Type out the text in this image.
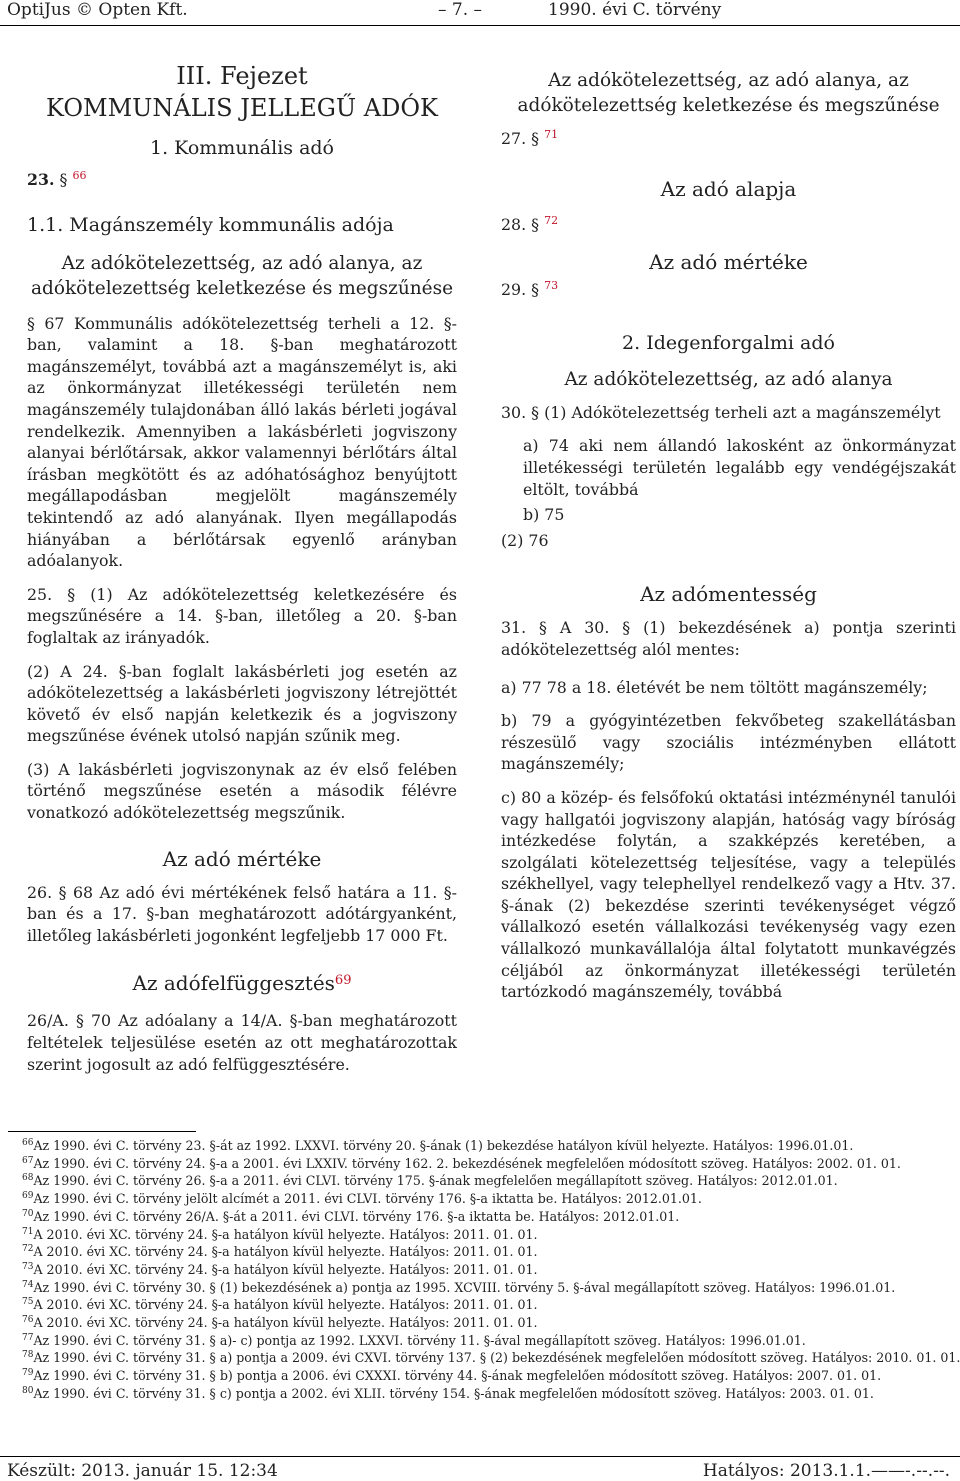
OptiJus © Opten Kft.	– 7. –	1990. évi C. törvény

III. Fejezet

KOMMUNÁLIS JELLEGŰ ADÓK

1. Kommunális adó

23. § $^{66}$

1.1. Magánszemély kommunális adója

Az adókötelezettség, az adó alanya, az adókötelezettség keletkezése és megszűnése

§ 67 Kommunális adókötelezettség terheli a 12. §-ban, valamint a 18. §-ban meghatározott magánszemélyt, továbbá azt a magánszemélyt is, aki az önkormányzat illetékességi területén nem magánszemély tulajdonában álló lakás bérleti jogával rendelkezik. Amennyiben a lakásbérleti jogviszony alanyai bérlőtársak, akkor valamennyi bérlőtárs által írásban megkötött és az adóhatósághoz benyújtott megállapodásban megjelölt magánszemély tekintendő az adó alanyának. Ilyen megállapodás hiányában a bérlőtársak egyenlő arányban adóalanyok.

25. § (1) Az adókötelezettség keletkezésére és megszűnésére a 14. §-ban, illetőleg a 20. §-ban foglaltak az irányadók.

(2) A 24. §-ban foglalt lakásbérleti jog esetén az adókötelezettség a lakásbérleti jogviszony létrejöttét követő év első napján keletkezik és a jogviszony megszűnése évének utolsó napján szűnik meg.

(3) A lakásbérleti jogviszonynak az év első felében történő megszűnése esetén a második félévre vonatkozó adókötelezettség megszűnik.

Az adó mértéke

26. § 68 Az adó évi mértékének felső határa a 11. §-ban és a 17. §-ban meghatározott adótárgyanként, illetőleg lakásbérleti jogonként legfeljebb 17 000 Ft.

Az adófelfüggesztés$^{69}$

26/A. § 70 Az adóalany a 14/A. §-ban meghatározott feltételek teljesülése esetén az ott meghatározottak szerint jogosult az adó felfüggesztésére.

Az adókötelezettség, az adó alanya, az adókötelezettség keletkezése és megszűnése

27. § $^{71}$

Az adó alapja

28. § $^{72}$

Az adó mértéke

29. § $^{73}$

2. Idegenforgalmi adó

Az adókötelezettség, az adó alanya

30. § (1) Adókötelezettség terheli azt a magánszemélyt

a) 74 aki nem állandó lakosként az önkormányzat illetékességi területén legalább egy vendégéjszakát eltölt, továbbá

b) 75

(2) 76

Az adómentesség

31. § A 30. § (1) bekezdésének a) pontja szerinti adókötelezettség alól mentes:

a) 77 78 a 18. életévét be nem töltött magánszemély;

b) 79 a gyógyintézetben fekvőbeteg szakellátásban részesülő vagy szociális intézményben ellátott magánszemély;

c) 80 a közép- és felsőfokú oktatási intézménynél tanulói vagy hallgatói jogviszony alapján, hatóság vagy bíróság intézkedése folytán, a szakképzés keretében, a szolgálati kötelezettség teljesítése, vagy a település székhellyel, vagy telephellyel rendelkező vagy a Htv. 37. §-ának (2) bekezdése szerinti tevékenységet végző vállalkozó esetén vállalkozási tevékenység vagy ezen vállalkozó munkavállalója által folytatott munkavégzés céljából az önkormányzat illetékességi területén tartózkodó magánszemély, továbbá

$^{66}$Az 1990. évi C. törvény 23. §-át az 1992. LXXVI. törvény 20. §-ának (1) bekezdése hatályon kívül helyezte. Hatályos: 1996.01.01.
$^{67}$Az 1990. évi C. törvény 24. §-a a 2001. évi LXXIV. törvény 162. 2. bekezdésének megfelelően módosított szöveg. Hatályos: 2002. 01. 01.
$^{68}$Az 1990. évi C. törvény 26. §-a a 2011. évi CLVI. törvény 175. §-ának megfelelően megállapított szöveg. Hatályos: 2012.01.01.
$^{69}$Az 1990. évi C. törvény jelölt alcímét a 2011. évi CLVI. törvény 176. §-a iktatta be. Hatályos: 2012.01.01.
$^{70}$Az 1990. évi C. törvény 26/A. §-át a 2011. évi CLVI. törvény 176. §-a iktatta be. Hatályos: 2012.01.01.
$^{71}$A 2010. évi XC. törvény 24. §-a hatályon kívül helyezte. Hatályos: 2011. 01. 01.
$^{72}$A 2010. évi XC. törvény 24. §-a hatályon kívül helyezte. Hatályos: 2011. 01. 01.
$^{73}$A 2010. évi XC. törvény 24. §-a hatályon kívül helyezte. Hatályos: 2011. 01. 01.
$^{74}$Az 1990. évi C. törvény 30. § (1) bekezdésének a) pontja az 1995. XCVIII. törvény 5. §-ával megállapított szöveg. Hatályos: 1996.01.01.
$^{75}$A 2010. évi XC. törvény 24. §-a hatályon kívül helyezte. Hatályos: 2011. 01. 01.
$^{76}$A 2010. évi XC. törvény 24. §-a hatályon kívül helyezte. Hatályos: 2011. 01. 01.
$^{77}$Az 1990. évi C. törvény 31. § a)- c) pontja az 1992. LXXVI. törvény 11. §-ával megállapított szöveg. Hatályos: 1996.01.01.
$^{78}$Az 1990. évi C. törvény 31. § a) pontja a 2009. évi CXVI. törvény 137. § (2) bekezdésének megfelelően módosított szöveg. Hatályos: 2010. 01. 01.
$^{79}$Az 1990. évi C. törvény 31. § b) pontja a 2006. évi CXXXI. törvény 44. §-ának megfelelően módosított szöveg. Hatályos: 2007. 01. 01.
$^{80}$Az 1990. évi C. törvény 31. § c) pontja a 2002. évi XLII. törvény 154. §-ának megfelelően módosított szöveg. Hatályos: 2003. 01. 01.
Készült: 2013. január 15. 12:34	Hatályos: 2013.1.1.——-.--.--.
